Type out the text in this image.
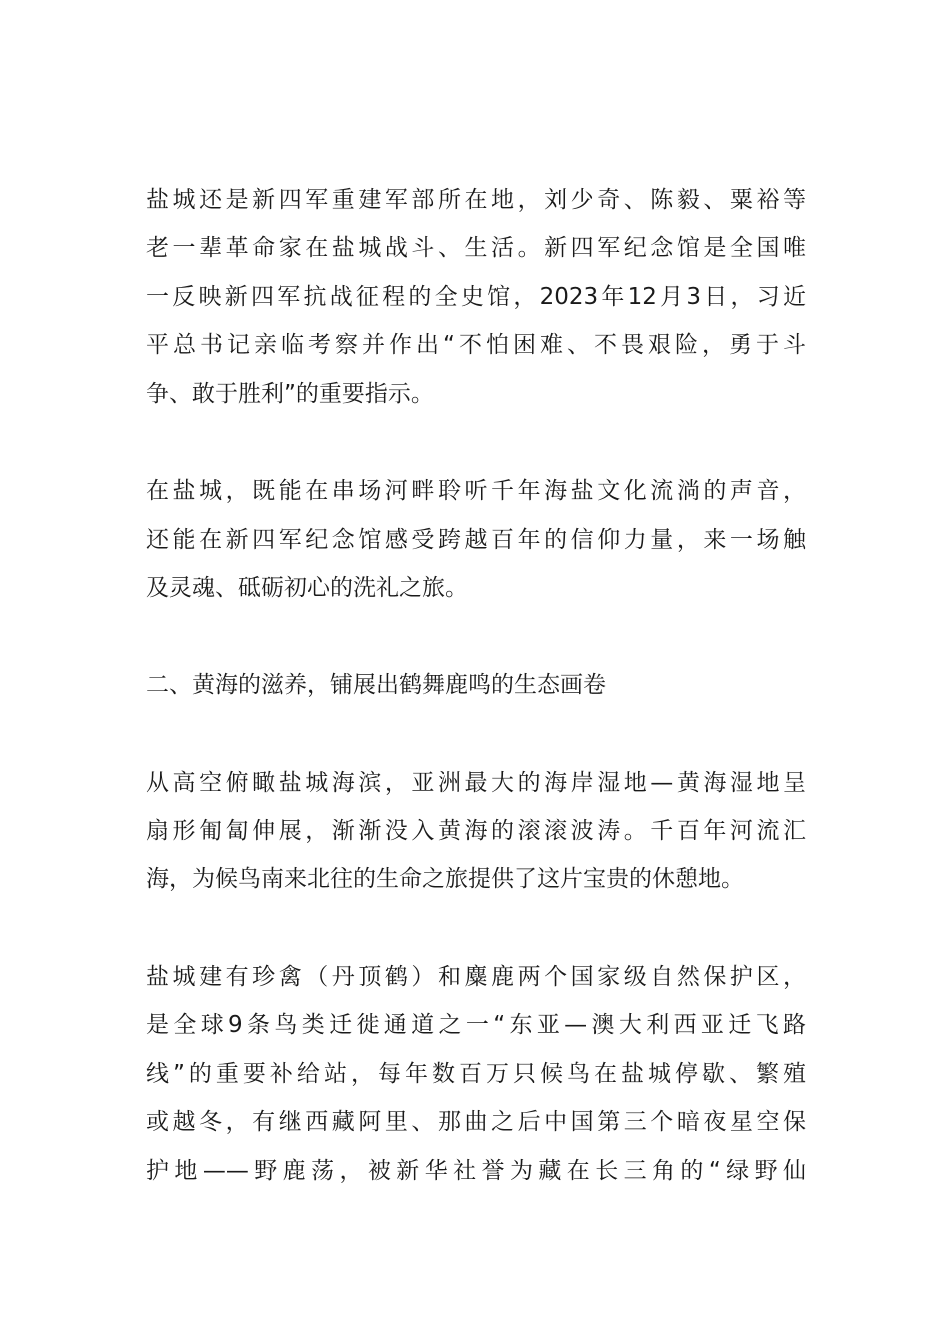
盐城还是新四军重建军部所在地，刘少奇、陈毅、粟裕等
老一辈革命家在盐城战斗、生活。新四军纪念馆是全国唯
一反映新四军抗战征程的全史馆，2023年12月3日，习近
平总书记亲临考察并作出“不怕困难、不畏艰险，勇于斗
争、敢于胜利”的重要指示。
在盐城，既能在串场河畔聆听千年海盐文化流淌的声音，
还能在新四军纪念馆感受跨越百年的信仰力量，来一场触
及灵魂、砥砺初心的洗礼之旅。
二、黄海的滋养，铺展出鹤舞鹿鸣的生态画卷
从高空俯瞰盐城海滨，亚洲最大的海岸湿地—黄海湿地呈
扇形匍匐伸展，渐渐没入黄海的滚滚波涛。千百年河流汇
海，为候鸟南来北往的生命之旅提供了这片宝贵的休憩地。
盐城建有珍禽（丹顶鹤）和麋鹿两个国家级自然保护区，
是全球9条鸟类迁徙通道之一“东亚—澳大利西亚迁飞路
线”的重要补给站，每年数百万只候鸟在盐城停歇、繁殖
或越冬，有继西藏阿里、那曲之后中国第三个暗夜星空保
护地——野鹿荡，被新华社誉为藏在长三角的“绿野仙
